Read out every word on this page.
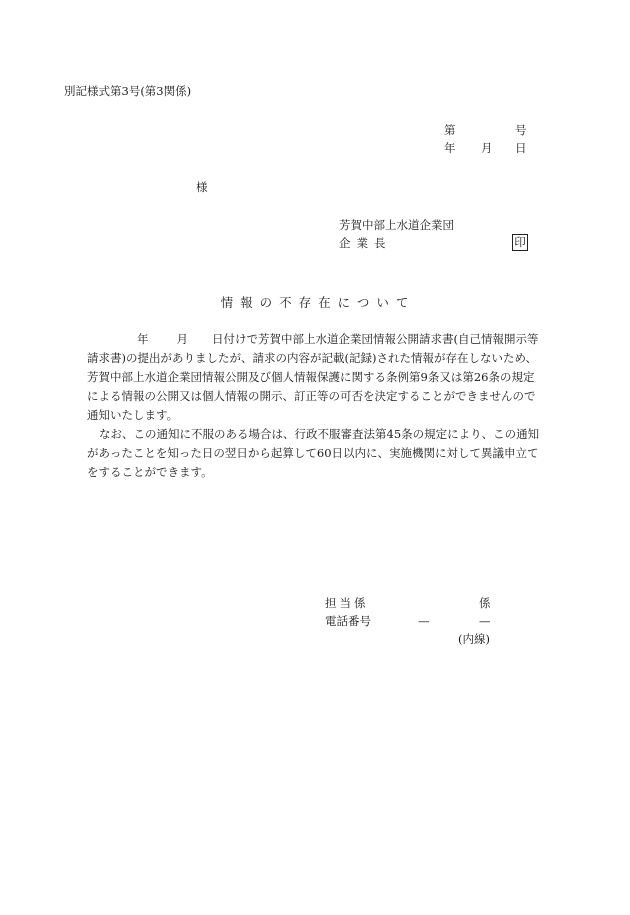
別記様式第3号(第3関係)
第	号
年 月 日
様
芳賀中部上水道企業団
企業長	印
情報の不存在について
年 月 日付けで芳賀中部上水道企業団情報公開請求書(自己情報開示等
請求書)の提出がありましたが、請求の内容が記載(記録)された情報が存在しないため、
芳賀中部上水道企業団情報公開及び個人情報保護に関する条例第9条又は第26条の規定
による情報の公開又は個人情報の開示、訂正等の可否を決定することができませんので
通知いたします。
なお、この通知に不服のある場合は、行政不服審査法第45条の規定により、この通知
があったことを知った日の翌日から起算して60日以内に、実施機関に対して異議申立て
をすることができます。
担当係	係
電話番号	—	—
(内線)
